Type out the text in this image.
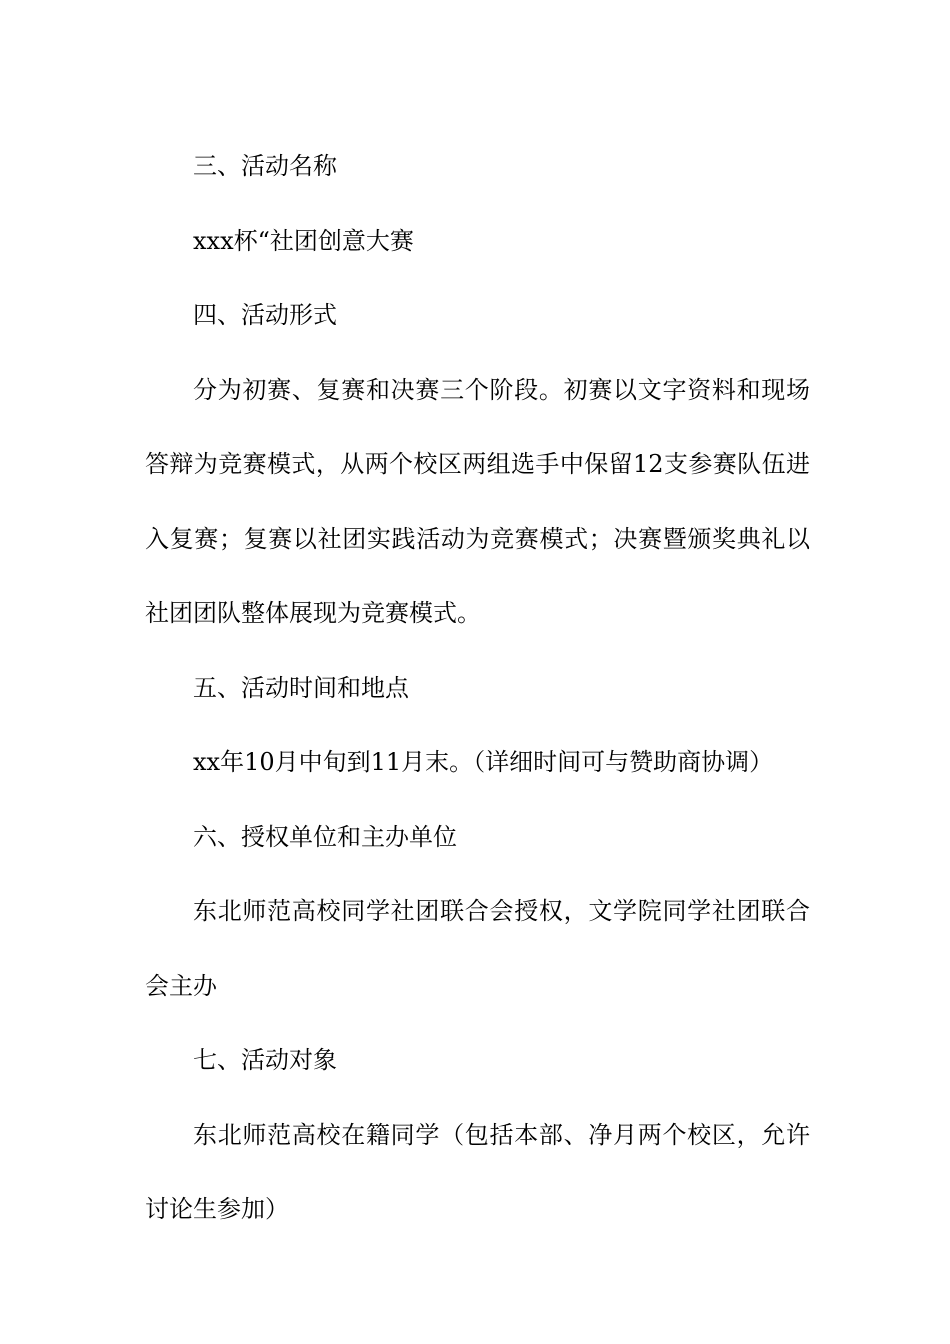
三、活动名称

xxx杯“社团创意大赛

四、活动形式

分为初赛、复赛和决赛三个阶段。初赛以文字资料和现场答辩为竞赛模式，从两个校区两组选手中保留12支参赛队伍进入复赛；复赛以社团实践活动为竞赛模式；决赛暨颁奖典礼以社团团队整体展现为竞赛模式。

五、活动时间和地点

xx年10月中旬到11月末。（详细时间可与赞助商协调）

六、授权单位和主办单位

东北师范高校同学社团联合会授权，文学院同学社团联合会主办

七、活动对象

东北师范高校在籍同学（包括本部、净月两个校区，允许讨论生参加）
